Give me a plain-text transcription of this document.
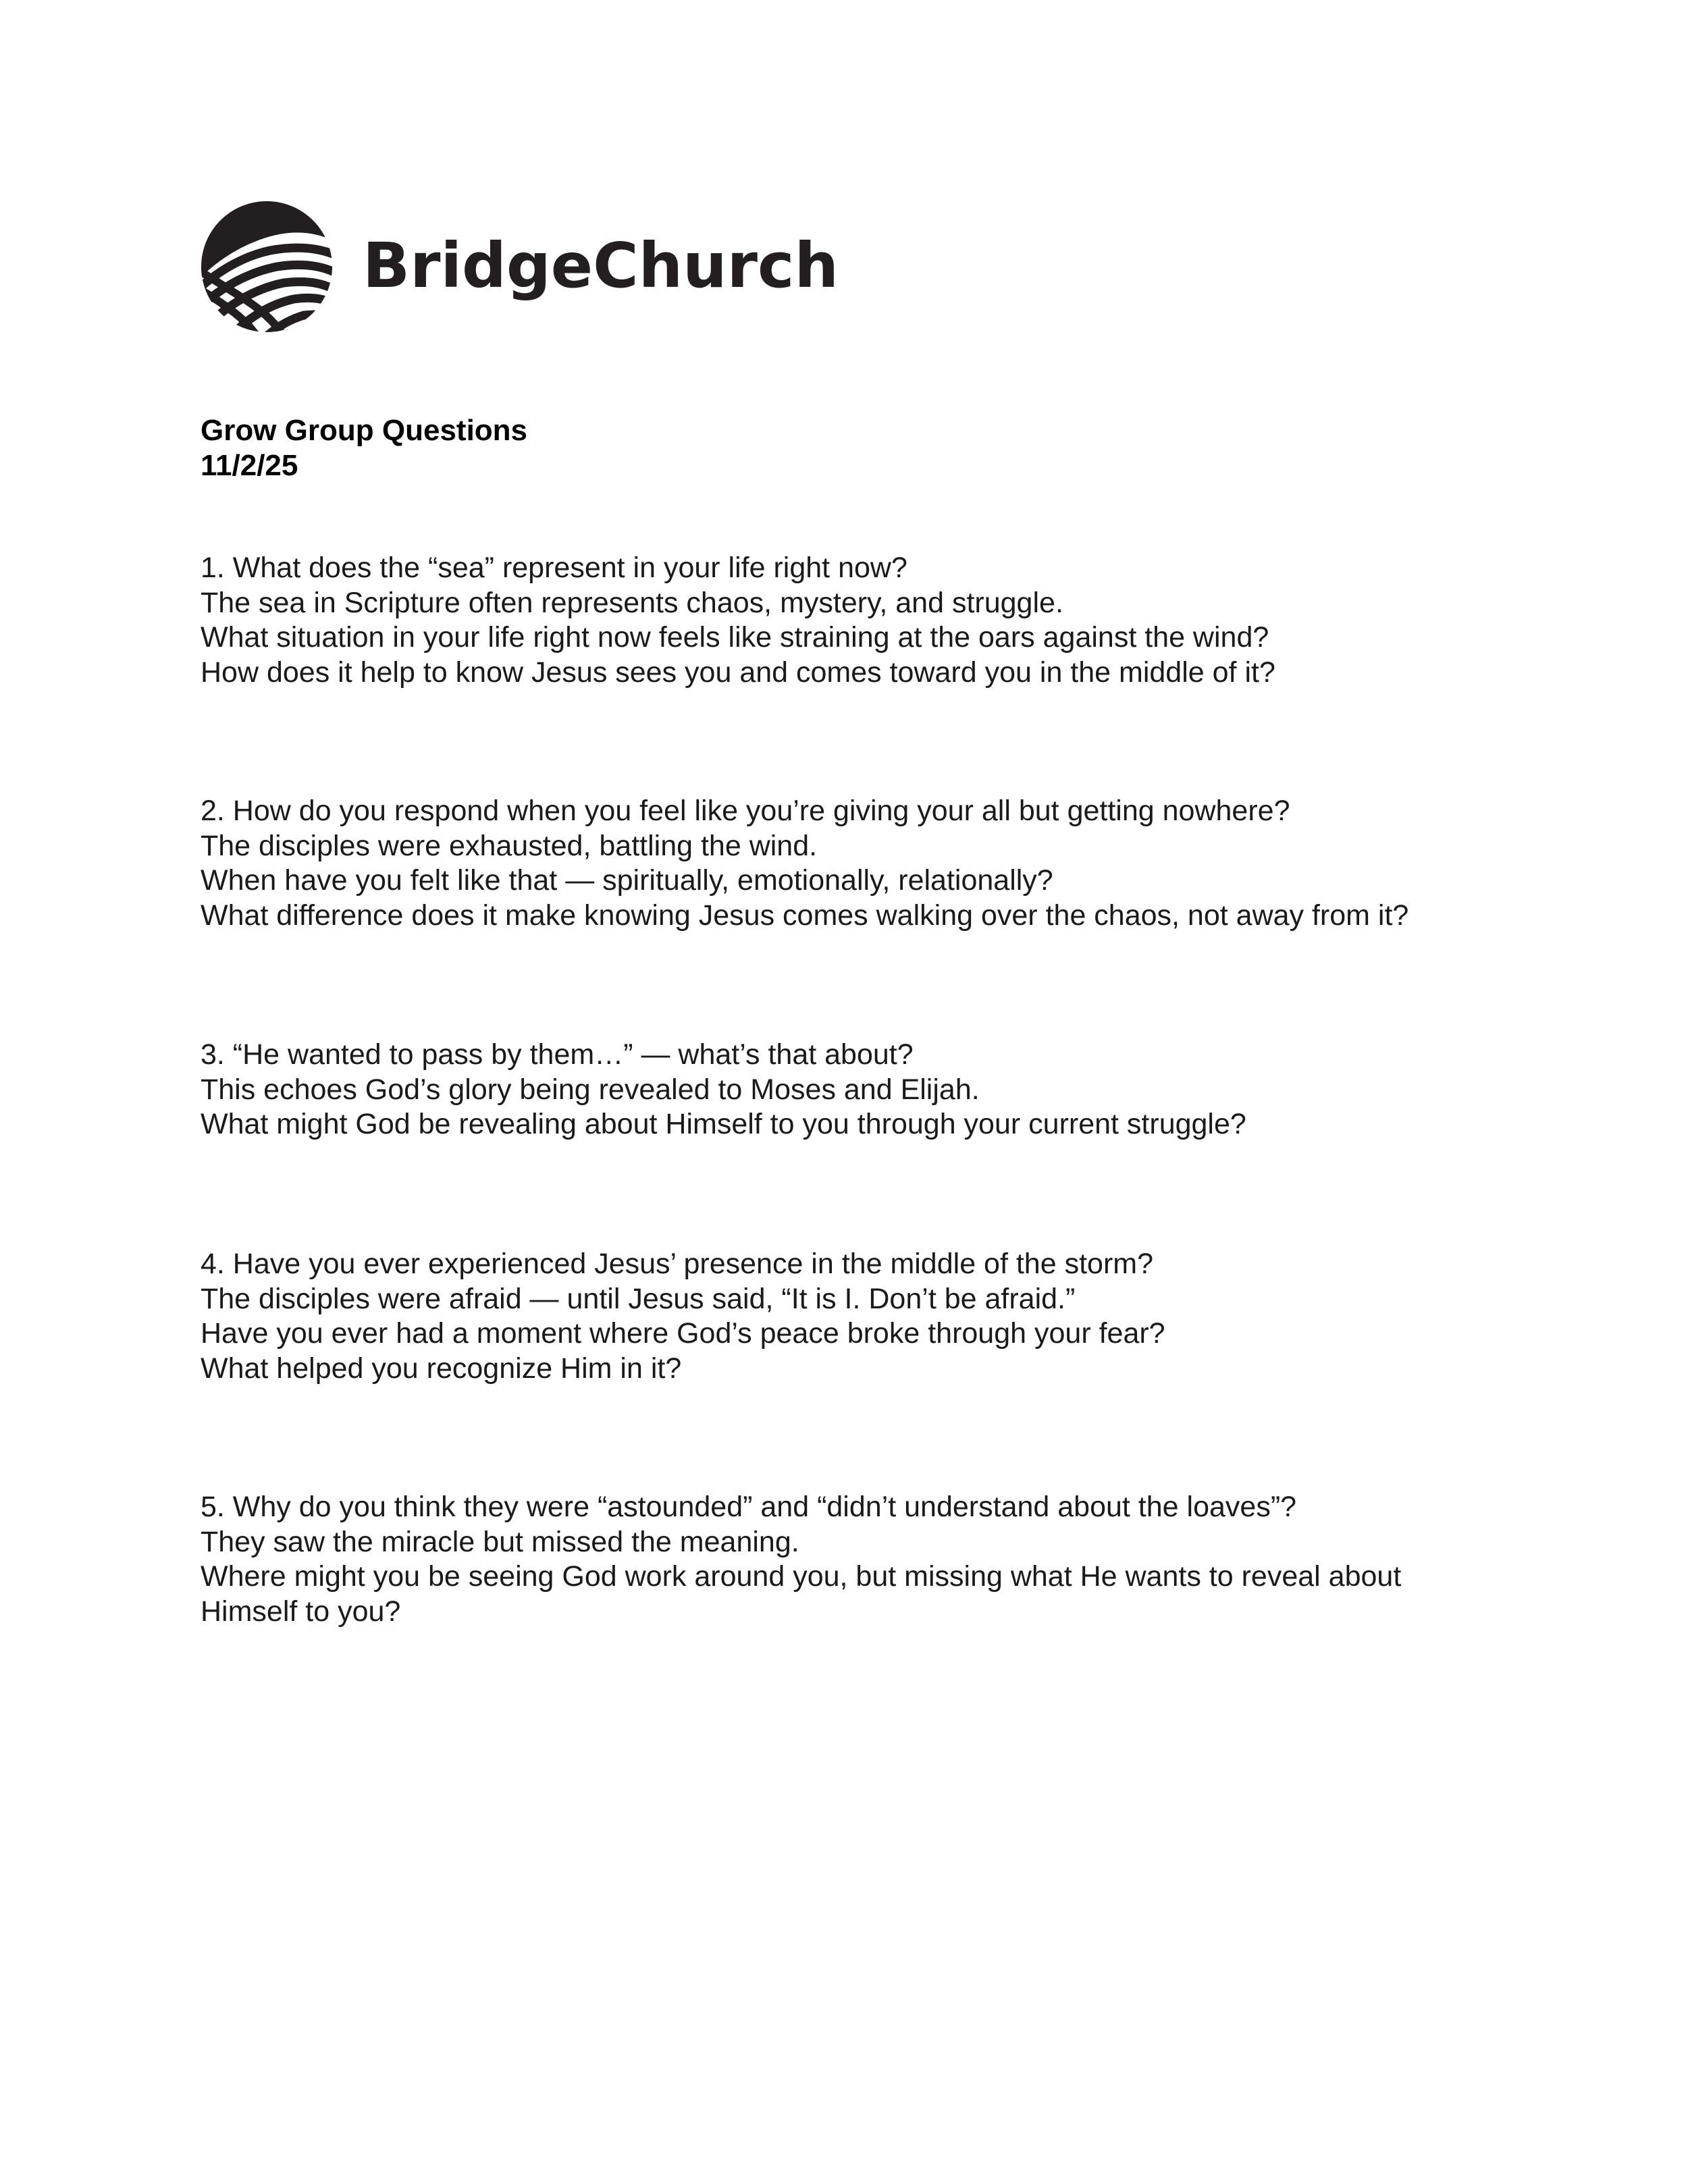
BridgeChurch
Grow Group Questions
11/2/25
1. What does the “sea” represent in your life right now?
The sea in Scripture often represents chaos, mystery, and struggle.
What situation in your life right now feels like straining at the oars against the wind?
How does it help to know Jesus sees you and comes toward you in the middle of it?
2. How do you respond when you feel like you’re giving your all but getting nowhere?
The disciples were exhausted, battling the wind.
When have you felt like that — spiritually, emotionally, relationally?
What difference does it make knowing Jesus comes walking over the chaos, not away from it?
3. “He wanted to pass by them…” — what’s that about?
This echoes God’s glory being revealed to Moses and Elijah.
What might God be revealing about Himself to you through your current struggle?
4. Have you ever experienced Jesus’ presence in the middle of the storm?
The disciples were afraid — until Jesus said, “It is I. Don’t be afraid.”
Have you ever had a moment where God’s peace broke through your fear?
What helped you recognize Him in it?
5. Why do you think they were “astounded” and “didn’t understand about the loaves”?
They saw the miracle but missed the meaning.
Where might you be seeing God work around you, but missing what He wants to reveal about
Himself to you?
